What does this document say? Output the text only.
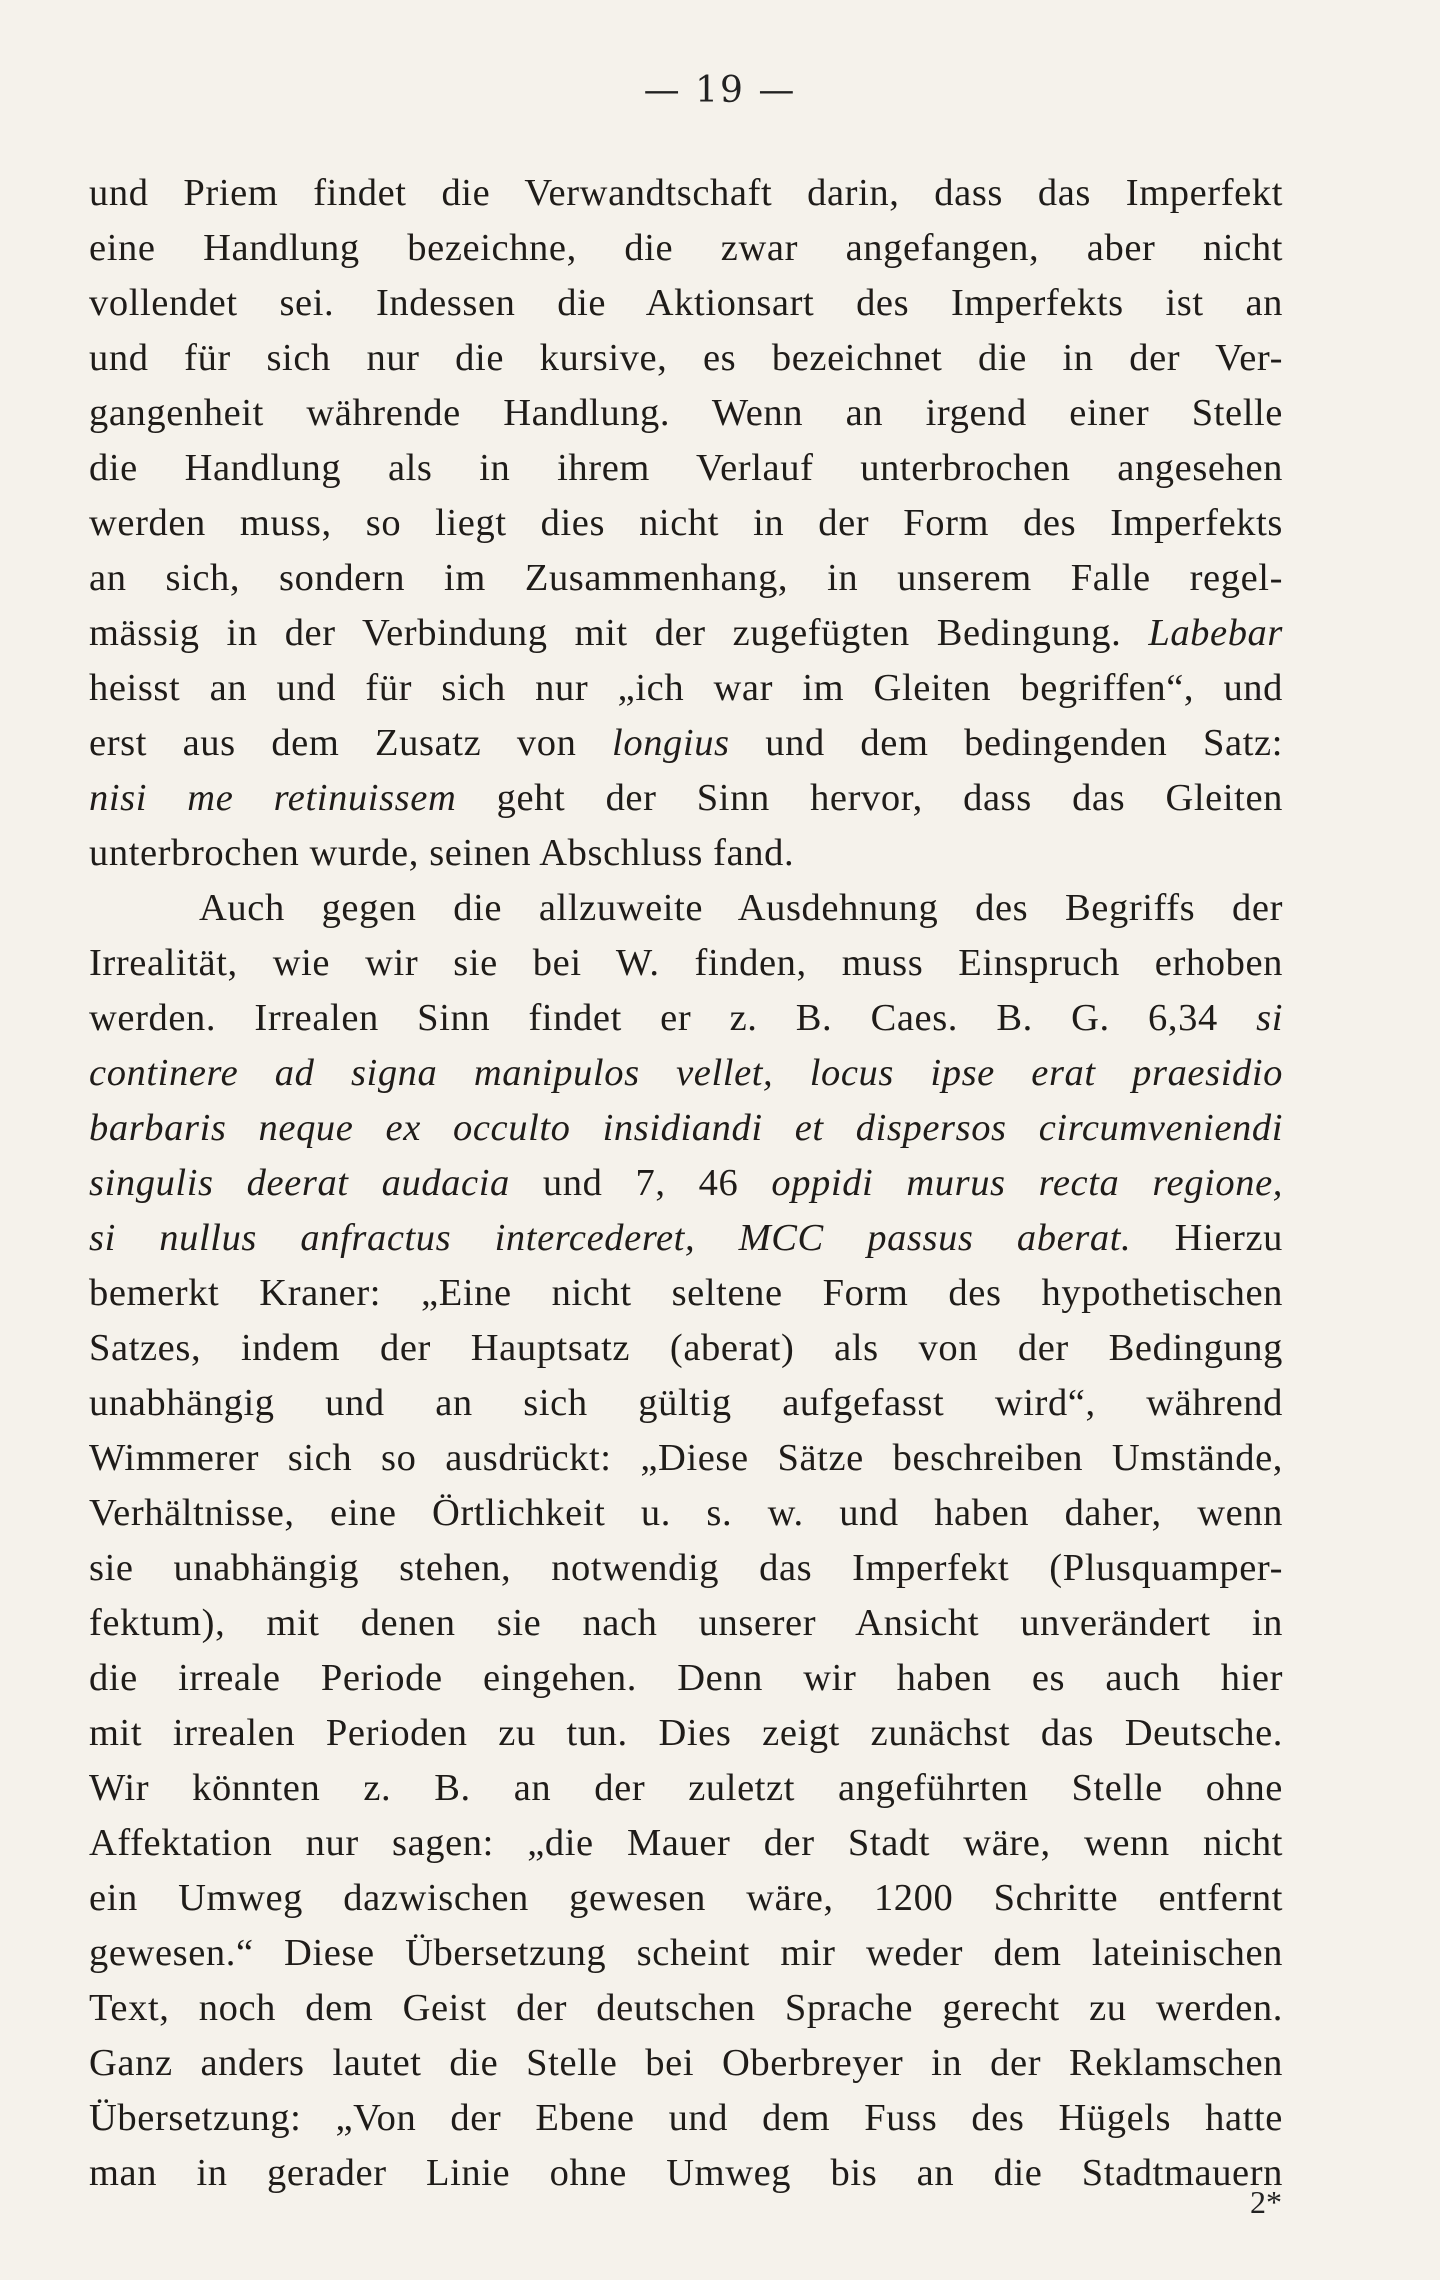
— 19 —
und Priem findet die Verwandtschaft darin, dass das Imperfekt
eine Handlung bezeichne, die zwar angefangen, aber nicht
vollendet sei. Indessen die Aktionsart des Imperfekts ist an
und für sich nur die kursive, es bezeichnet die in der Ver-
gangenheit währende Handlung. Wenn an irgend einer Stelle
die Handlung als in ihrem Verlauf unterbrochen angesehen
werden muss, so liegt dies nicht in der Form des Imperfekts
an sich, sondern im Zusammenhang, in unserem Falle regel-
mässig in der Verbindung mit der zugefügten Bedingung. Labebar
heisst an und für sich nur „ich war im Gleiten begriffen“, und
erst aus dem Zusatz von longius und dem bedingenden Satz:
nisi me retinuissem geht der Sinn hervor, dass das Gleiten
unterbrochen wurde, seinen Abschluss fand.
Auch gegen die allzuweite Ausdehnung des Begriffs der
Irrealität, wie wir sie bei W. finden, muss Einspruch erhoben
werden. Irrealen Sinn findet er z. B. Caes. B. G. 6,34 si
continere ad signa manipulos vellet, locus ipse erat praesidio
barbaris neque ex occulto insidiandi et dispersos circumveniendi
singulis deerat audacia und 7, 46 oppidi murus recta regione,
si nullus anfractus intercederet, MCC passus aberat. Hierzu
bemerkt Kraner: „Eine nicht seltene Form des hypothetischen
Satzes, indem der Hauptsatz (aberat) als von der Bedingung
unabhängig und an sich gültig aufgefasst wird“, während
Wimmerer sich so ausdrückt: „Diese Sätze beschreiben Umstände,
Verhältnisse, eine Örtlichkeit u. s. w. und haben daher, wenn
sie unabhängig stehen, notwendig das Imperfekt (Plusquamper-
fektum), mit denen sie nach unserer Ansicht unverändert in
die irreale Periode eingehen. Denn wir haben es auch hier
mit irrealen Perioden zu tun. Dies zeigt zunächst das Deutsche.
Wir könnten z. B. an der zuletzt angeführten Stelle ohne
Affektation nur sagen: „die Mauer der Stadt wäre, wenn nicht
ein Umweg dazwischen gewesen wäre, 1200 Schritte entfernt
gewesen.“ Diese Übersetzung scheint mir weder dem lateinischen
Text, noch dem Geist der deutschen Sprache gerecht zu werden.
Ganz anders lautet die Stelle bei Oberbreyer in der Reklamschen
Übersetzung: „Von der Ebene und dem Fuss des Hügels hatte
man in gerader Linie ohne Umweg bis an die Stadtmauern
2*
